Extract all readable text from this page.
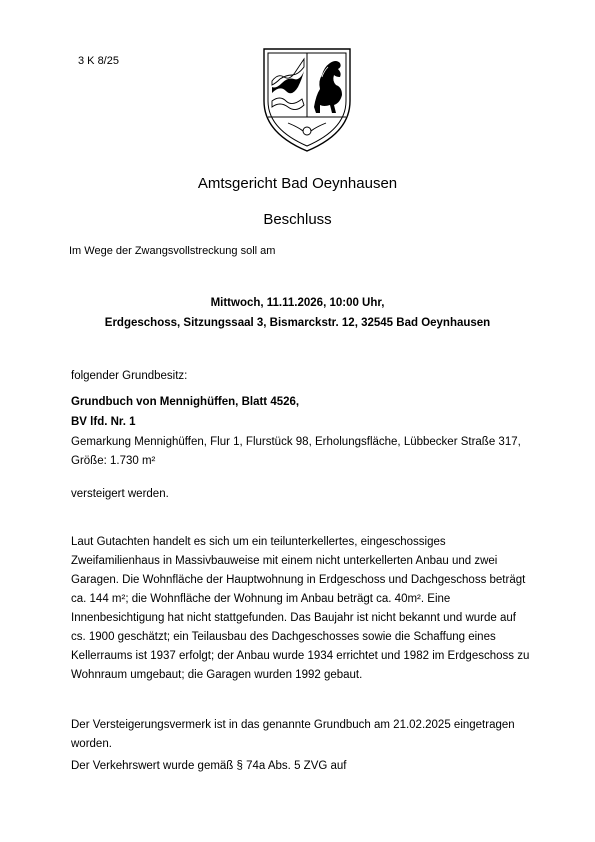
3 K 8/25
Amtsgericht Bad Oeynhausen
Beschluss
Im Wege der Zwangsvollstreckung soll am
Mittwoch, 11.11.2026, 10:00 Uhr,
Erdgeschoss, Sitzungssaal 3, Bismarckstr. 12, 32545 Bad Oeynhausen
folgender Grundbesitz:
Grundbuch von Mennighüffen, Blatt 4526,
BV lfd. Nr. 1
Gemarkung Mennighüffen, Flur 1, Flurstück 98, Erholungsfläche, Lübbecker Straße 317, Größe: 1.730 m²
versteigert werden.
Laut Gutachten handelt es sich um ein teilunterkellertes, eingeschossiges Zweifamilienhaus in Massivbauweise mit einem nicht unterkellerten Anbau und zwei Garagen. Die Wohnfläche der Hauptwohnung in Erdgeschoss und Dachgeschoss beträgt ca. 144 m²; die Wohnfläche der Wohnung im Anbau beträgt ca. 40m². Eine Innenbesichtigung hat nicht stattgefunden. Das Baujahr ist nicht bekannt und wurde auf cs. 1900 geschätzt; ein Teilausbau des Dachgeschosses sowie die Schaffung eines Kellerraums ist 1937 erfolgt; der Anbau wurde 1934 errichtet und 1982 im Erdgeschoss zu Wohnraum umgebaut; die Garagen wurden 1992 gebaut.
Der Versteigerungsvermerk ist in das genannte Grundbuch am 21.02.2025 eingetragen worden.
Der Verkehrswert wurde gemäß § 74a Abs. 5 ZVG auf
